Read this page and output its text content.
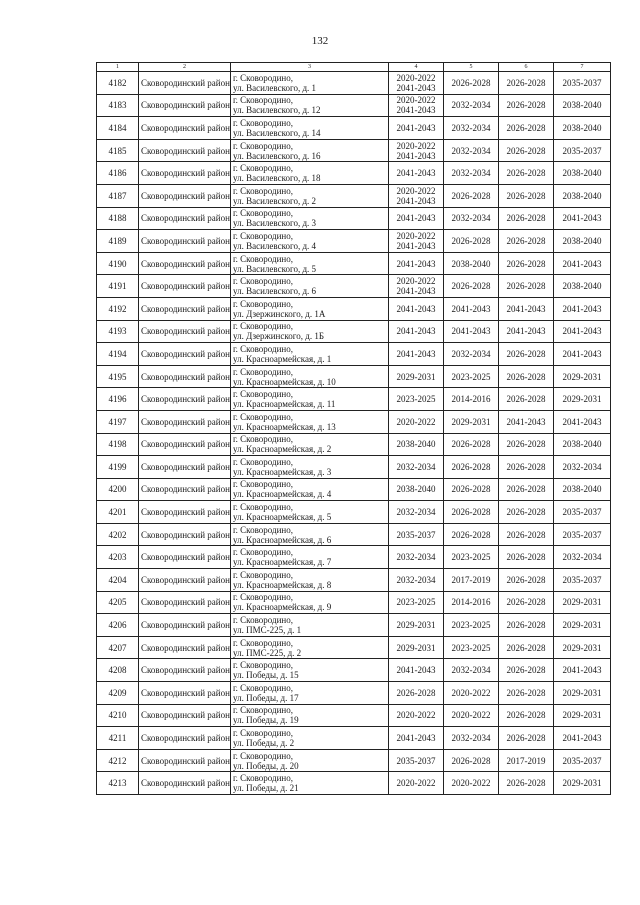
132
1	2	3	4	5	6	7
4182	Сковородинский район	г. Сковородино,
ул. Василевского, д. 1	2020-2022
2041-2043	2026-2028	2026-2028	2035-2037

4183	Сковородинский район	г. Сковородино,
ул. Василевского, д. 12	2020-2022
2041-2043	2032-2034	2026-2028	2038-2040

4184	Сковородинский район	г. Сковородино,
ул. Василевского, д. 14	2041-2043	2032-2034	2026-2028	2038-2040

4185	Сковородинский район	г. Сковородино,
ул. Василевского, д. 16	2020-2022
2041-2043	2032-2034	2026-2028	2035-2037

4186	Сковородинский район	г. Сковородино,
ул. Василевского, д. 18	2041-2043	2032-2034	2026-2028	2038-2040

4187	Сковородинский район	г. Сковородино,
ул. Василевского, д. 2	2020-2022
2041-2043	2026-2028	2026-2028	2038-2040

4188	Сковородинский район	г. Сковородино,
ул. Василевского, д. 3	2041-2043	2032-2034	2026-2028	2041-2043

4189	Сковородинский район	г. Сковородино,
ул. Василевского, д. 4	2020-2022
2041-2043	2026-2028	2026-2028	2038-2040

4190	Сковородинский район	г. Сковородино,
ул. Василевского, д. 5	2041-2043	2038-2040	2026-2028	2041-2043

4191	Сковородинский район	г. Сковородино,
ул. Василевского, д. 6	2020-2022
2041-2043	2026-2028	2026-2028	2038-2040

4192	Сковородинский район	г. Сковородино,
ул. Дзержинского, д. 1А	2041-2043	2041-2043	2041-2043	2041-2043

4193	Сковородинский район	г. Сковородино,
ул. Дзержинского, д. 1Б	2041-2043	2041-2043	2041-2043	2041-2043

4194	Сковородинский район	г. Сковородино,
ул. Красноармейская, д. 1	2041-2043	2032-2034	2026-2028	2041-2043

4195	Сковородинский район	г. Сковородино,
ул. Красноармейская, д. 10	2029-2031	2023-2025	2026-2028	2029-2031

4196	Сковородинский район	г. Сковородино,
ул. Красноармейская, д. 11	2023-2025	2014-2016	2026-2028	2029-2031

4197	Сковородинский район	г. Сковородино,
ул. Красноармейская, д. 13	2020-2022	2029-2031	2041-2043	2041-2043

4198	Сковородинский район	г. Сковородино,
ул. Красноармейская, д. 2	2038-2040	2026-2028	2026-2028	2038-2040

4199	Сковородинский район	г. Сковородино,
ул. Красноармейская, д. 3	2032-2034	2026-2028	2026-2028	2032-2034

4200	Сковородинский район	г. Сковородино,
ул. Красноармейская, д. 4	2038-2040	2026-2028	2026-2028	2038-2040

4201	Сковородинский район	г. Сковородино,
ул. Красноармейская, д. 5	2032-2034	2026-2028	2026-2028	2035-2037

4202	Сковородинский район	г. Сковородино,
ул. Красноармейская, д. 6	2035-2037	2026-2028	2026-2028	2035-2037

4203	Сковородинский район	г. Сковородино,
ул. Красноармейская, д. 7	2032-2034	2023-2025	2026-2028	2032-2034

4204	Сковородинский район	г. Сковородино,
ул. Красноармейская, д. 8	2032-2034	2017-2019	2026-2028	2035-2037

4205	Сковородинский район	г. Сковородино,
ул. Красноармейская, д. 9	2023-2025	2014-2016	2026-2028	2029-2031

4206	Сковородинский район	г. Сковородино,
ул. ПМС-225, д. 1	2029-2031	2023-2025	2026-2028	2029-2031

4207	Сковородинский район	г. Сковородино,
ул. ПМС-225, д. 2	2029-2031	2023-2025	2026-2028	2029-2031

4208	Сковородинский район	г. Сковородино,
ул. Победы, д. 15	2041-2043	2032-2034	2026-2028	2041-2043

4209	Сковородинский район	г. Сковородино,
ул. Победы, д. 17	2026-2028	2020-2022	2026-2028	2029-2031

4210	Сковородинский район	г. Сковородино,
ул. Победы, д. 19	2020-2022	2020-2022	2026-2028	2029-2031

4211	Сковородинский район	г. Сковородино,
ул. Победы, д. 2	2041-2043	2032-2034	2026-2028	2041-2043

4212	Сковородинский район	г. Сковородино,
ул. Победы, д. 20	2035-2037	2026-2028	2017-2019	2035-2037

4213	Сковородинский район	г. Сковородино,
ул. Победы, д. 21	2020-2022	2020-2022	2026-2028	2029-2031
